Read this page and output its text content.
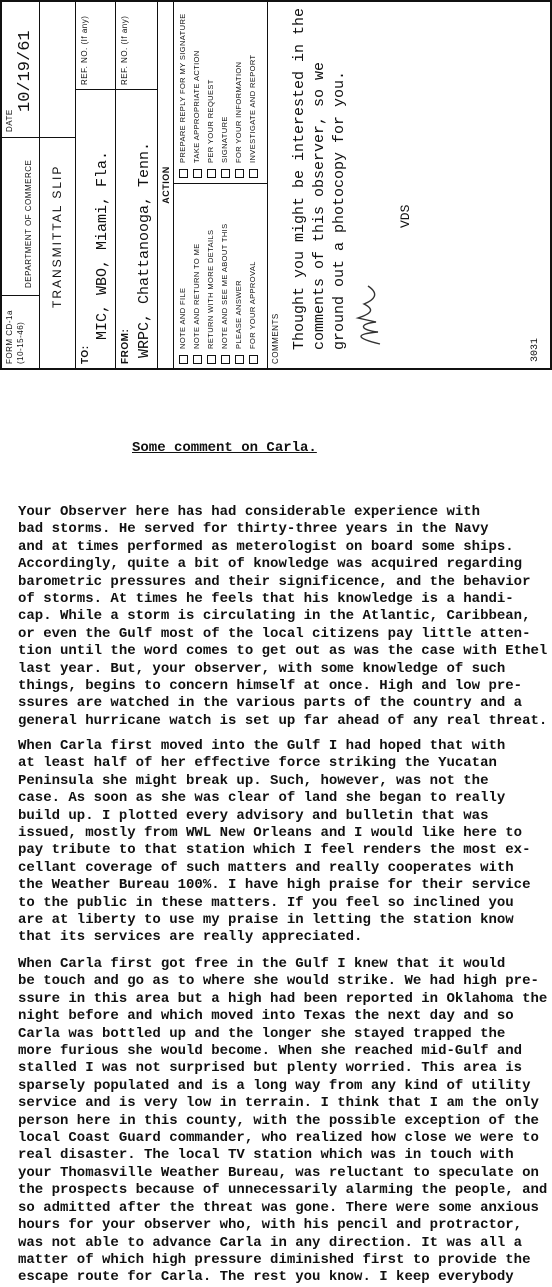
FORM CD-1a (10-15-46)
DEPARTMENT OF COMMERCE
DATE
10/19/61
TRANSMITTAL SLIP
TO:
MIC, WBO, Miami, Fla.
REF. NO. (If any)
FROM: WRPC, Chattanooga, Tenn.
REF. NO. (If any)
ACTION
NOTE AND FILE NOTE AND RETURN TO ME RETURN WITH MORE DETAILS NOTE AND SEE ME ABOUT THIS PLEASE ANSWER FOR YOUR APPROVAL
PREPARE REPLY FOR MY SIGNATURE TAKE APPROPRIATE ACTION PER YOUR REQUEST SIGNATURE FOR YOUR INFORMATION INVESTIGATE AND REPORT
COMMENTS Thought you might be interested in the comments of this observer, so we ground out a photocopy for you.	VDS
3031
Some comment on Carla.
Your Observer here has had considerable experience with
bad storms. He served for thirty-three years in the Navy
and at times performed as meterologist on board some ships.
Accordingly, quite a bit of knowledge was acquired regarding
barometric pressures and their significence, and the behavior
of storms. At times he feels that his knowledge is a handi-
cap. While a storm is circulating in the Atlantic, Caribbean,
or even the Gulf most of the local citizens pay little atten-
tion until the word comes to get out as was the case with Ethel
last year. But, your observer, with some knowledge of such
things, begins to concern himself at once. High and low pre-
ssures are watched in the various parts of the country and a
general hurricane watch is set up far ahead of any real threat.
When Carla first moved into the Gulf I had hoped that with
at least half of her effective force striking the Yucatan
Peninsula she might break up. Such, however, was not the
case. As soon as she was clear of land she began to really
build up. I plotted every advisory and bulletin that was
issued, mostly from WWL New Orleans and I would like here to
pay tribute to that station which I feel renders the most ex-
cellant coverage of such matters and really cooperates with
the Weather Bureau 100%. I have high praise for their service
to the public in these matters. If you feel so inclined you
are at liberty to use my praise in letting the station know
that its services are really appreciated.
When Carla first got free in the Gulf I knew that it would
be touch and go as to where she would strike. We had high pre-
ssure in this area but a high had been reported in Oklahoma the
night before and which moved into Texas the next day and so
Carla was bottled up and the longer she stayed trapped the
more furious she would become. When she reached mid-Gulf and
stalled I was not surprised but plenty worried. This area is
sparsely populated and is a long way from any kind of utility
service and is very low in terrain. I think that I am the only
person here in this county, with the possible exception of the
local Coast Guard commander, who realized how close we were to
real disaster. The local TV station which was in touch with
your Thomasville Weather Bureau, was reluctant to speculate on
the prospects because of unnecessarily alarming the people, and
so admitted after the threat was gone. There were some anxious
hours for your observer who, with his pencil and protractor,
was not able to advance Carla in any direction. It was all a
matter of which high pressure diminished first to provide the
escape route for Carla. The rest you know. I keep everybody
